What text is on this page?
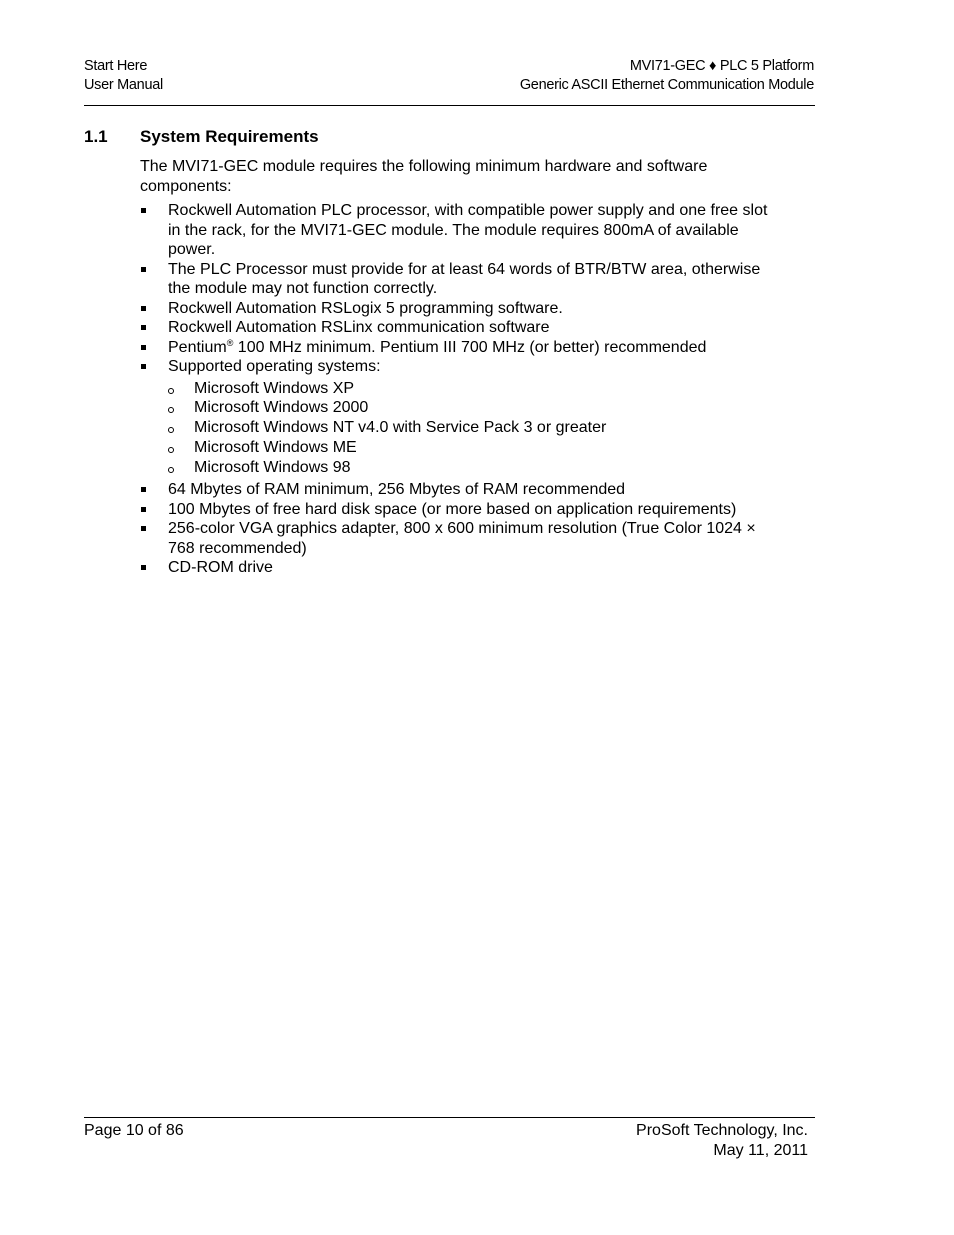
Start Here
User Manual
MVI71-GEC ♦ PLC 5 Platform
Generic ASCII Ethernet Communication Module
1.1 System Requirements
The MVI71-GEC module requires the following minimum hardware and software components:
Rockwell Automation PLC processor, with compatible power supply and one free slot in the rack, for the MVI71-GEC module. The module requires 800mA of available power.
The PLC Processor must provide for at least 64 words of BTR/BTW area, otherwise the module may not function correctly.
Rockwell Automation RSLogix 5 programming software.
Rockwell Automation RSLinx communication software
Pentium® 100 MHz minimum. Pentium III 700 MHz (or better) recommended
Supported operating systems:
Microsoft Windows XP
Microsoft Windows 2000
Microsoft Windows NT v4.0 with Service Pack 3 or greater
Microsoft Windows ME
Microsoft Windows 98
64 Mbytes of RAM minimum, 256 Mbytes of RAM recommended
100 Mbytes of free hard disk space (or more based on application requirements)
256-color VGA graphics adapter, 800 x 600 minimum resolution (True Color 1024 × 768 recommended)
CD-ROM drive
Page 10 of 86	ProSoft Technology, Inc.
May 11, 2011
